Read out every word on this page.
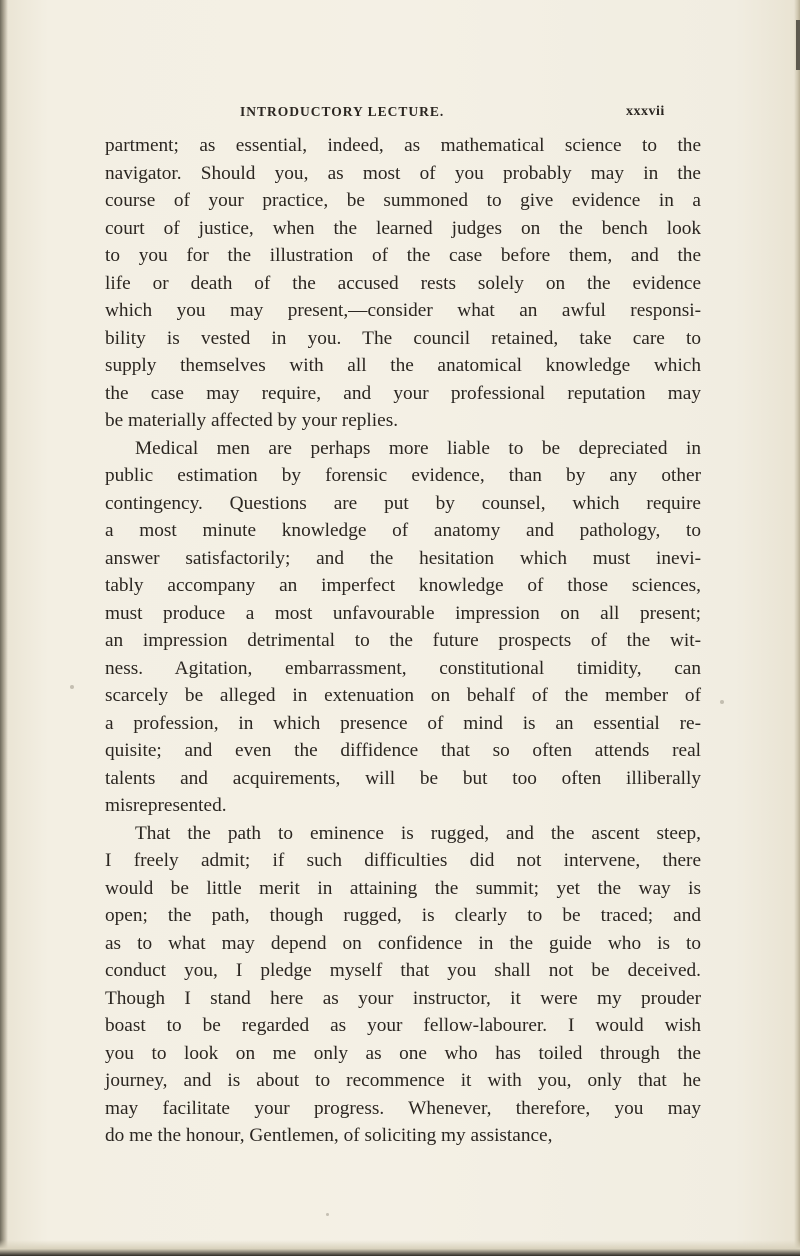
INTRODUCTORY LECTURE.	xxxvii
partment; as essential, indeed, as mathematical science to the
navigator. Should you, as most of you probably may in the
course of your practice, be summoned to give evidence in a
court of justice, when the learned judges on the bench look
to you for the illustration of the case before them, and the
life or death of the accused rests solely on the evidence
which you may present,—consider what an awful responsi-
bility is vested in you. The council retained, take care to
supply themselves with all the anatomical knowledge which
the case may require, and your professional reputation may
be materially affected by your replies.
Medical men are perhaps more liable to be depreciated in
public estimation by forensic evidence, than by any other
contingency. Questions are put by counsel, which require
a most minute knowledge of anatomy and pathology, to
answer satisfactorily; and the hesitation which must inevi-
tably accompany an imperfect knowledge of those sciences,
must produce a most unfavourable impression on all present;
an impression detrimental to the future prospects of the wit-
ness. Agitation, embarrassment, constitutional timidity, can
scarcely be alleged in extenuation on behalf of the member of
a profession, in which presence of mind is an essential re-
quisite; and even the diffidence that so often attends real
talents and acquirements, will be but too often illiberally
misrepresented.
That the path to eminence is rugged, and the ascent steep,
I freely admit; if such difficulties did not intervene, there
would be little merit in attaining the summit; yet the way is
open; the path, though rugged, is clearly to be traced; and
as to what may depend on confidence in the guide who is to
conduct you, I pledge myself that you shall not be deceived.
Though I stand here as your instructor, it were my prouder
boast to be regarded as your fellow-labourer. I would wish
you to look on me only as one who has toiled through the
journey, and is about to recommence it with you, only that he
may facilitate your progress. Whenever, therefore, you may
do me the honour, Gentlemen, of soliciting my assistance,
